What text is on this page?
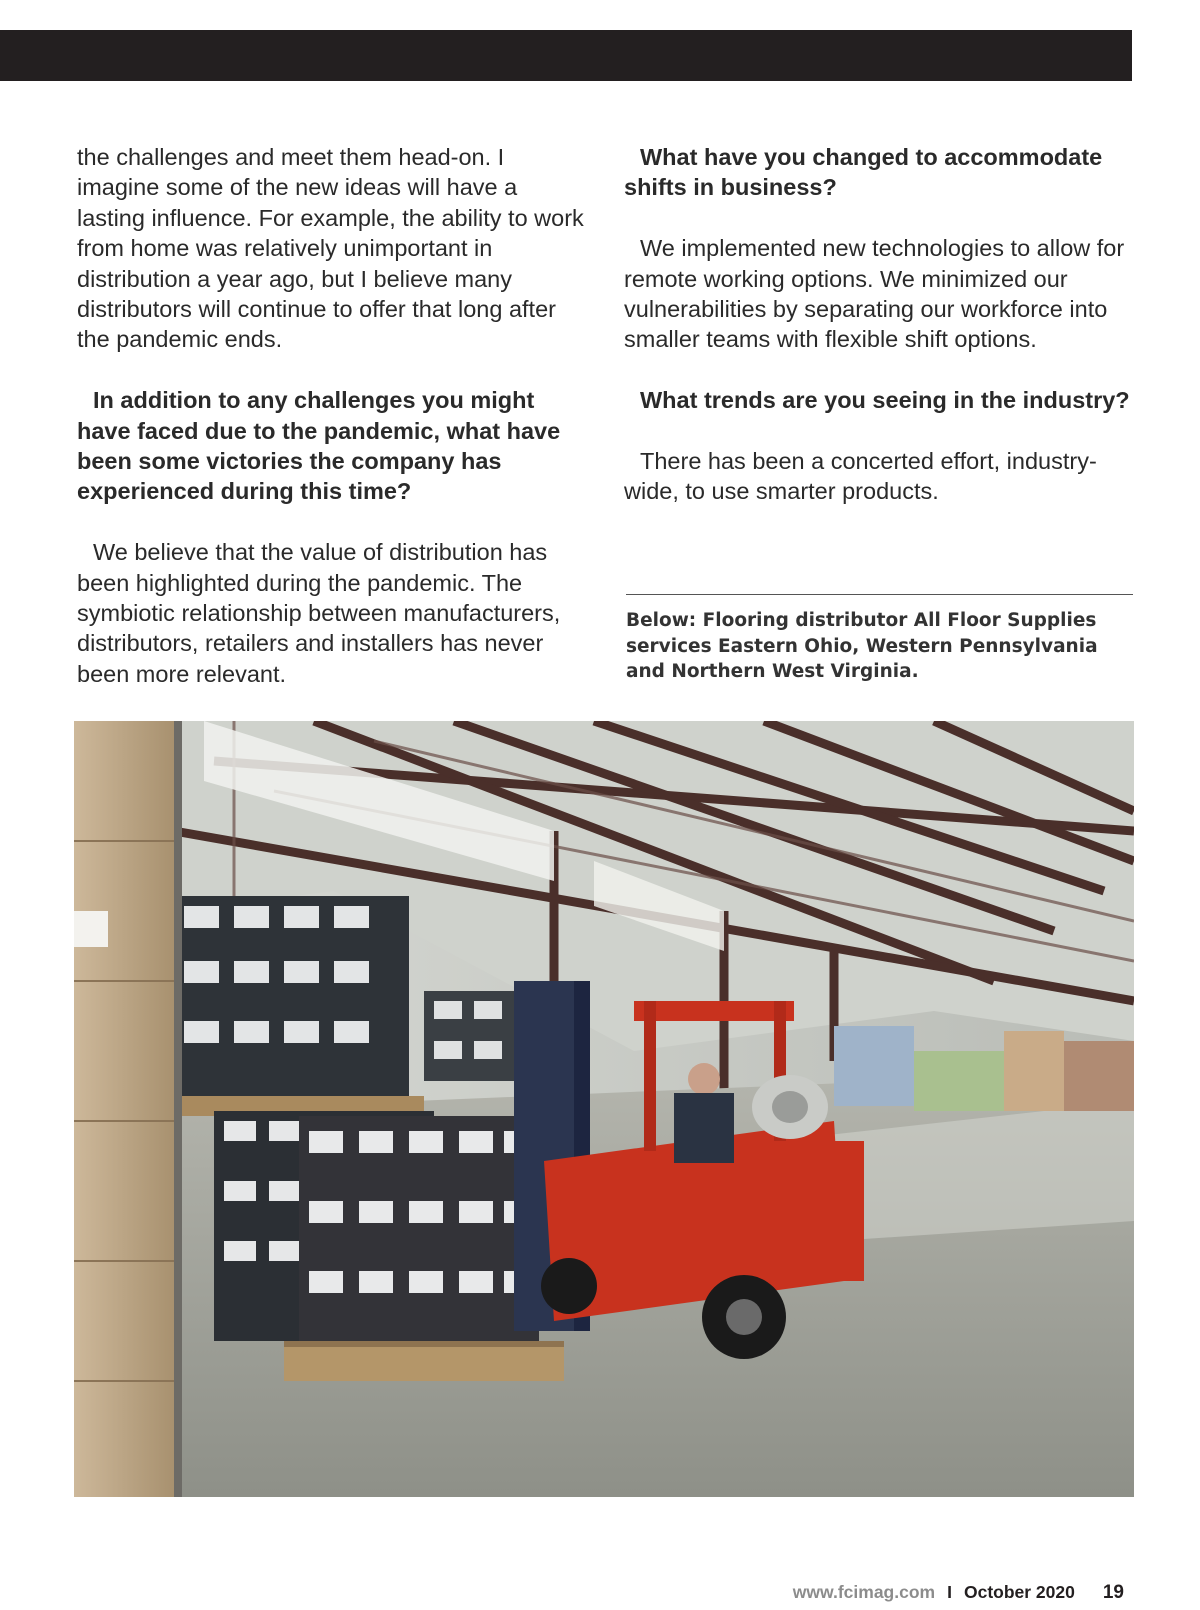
the challenges and meet them head-on. I imagine some of the new ideas will have a lasting influence. For example, the ability to work from home was relatively unimportant in distribution a year ago, but I believe many distributors will continue to offer that long after the pandemic ends.

In addition to any challenges you might have faced due to the pandemic, what have been some victories the company has experienced during this time?

We believe that the value of distribution has been highlighted during the pandemic. The symbiotic relationship between manufacturers, distributors, retailers and installers has never been more relevant.

What have you changed to accommodate shifts in business?

We implemented new technologies to allow for remote working options. We minimized our vulnerabilities by separating our workforce into smaller teams with flexible shift options.

What trends are you seeing in the industry?

There has been a concerted effort, industry-wide, to use smarter products.

Below: Flooring distributor All Floor Supplies services Eastern Ohio, Western Pennsylvania and Northern West Virginia.
www.fcimag.com I October 2020 19
